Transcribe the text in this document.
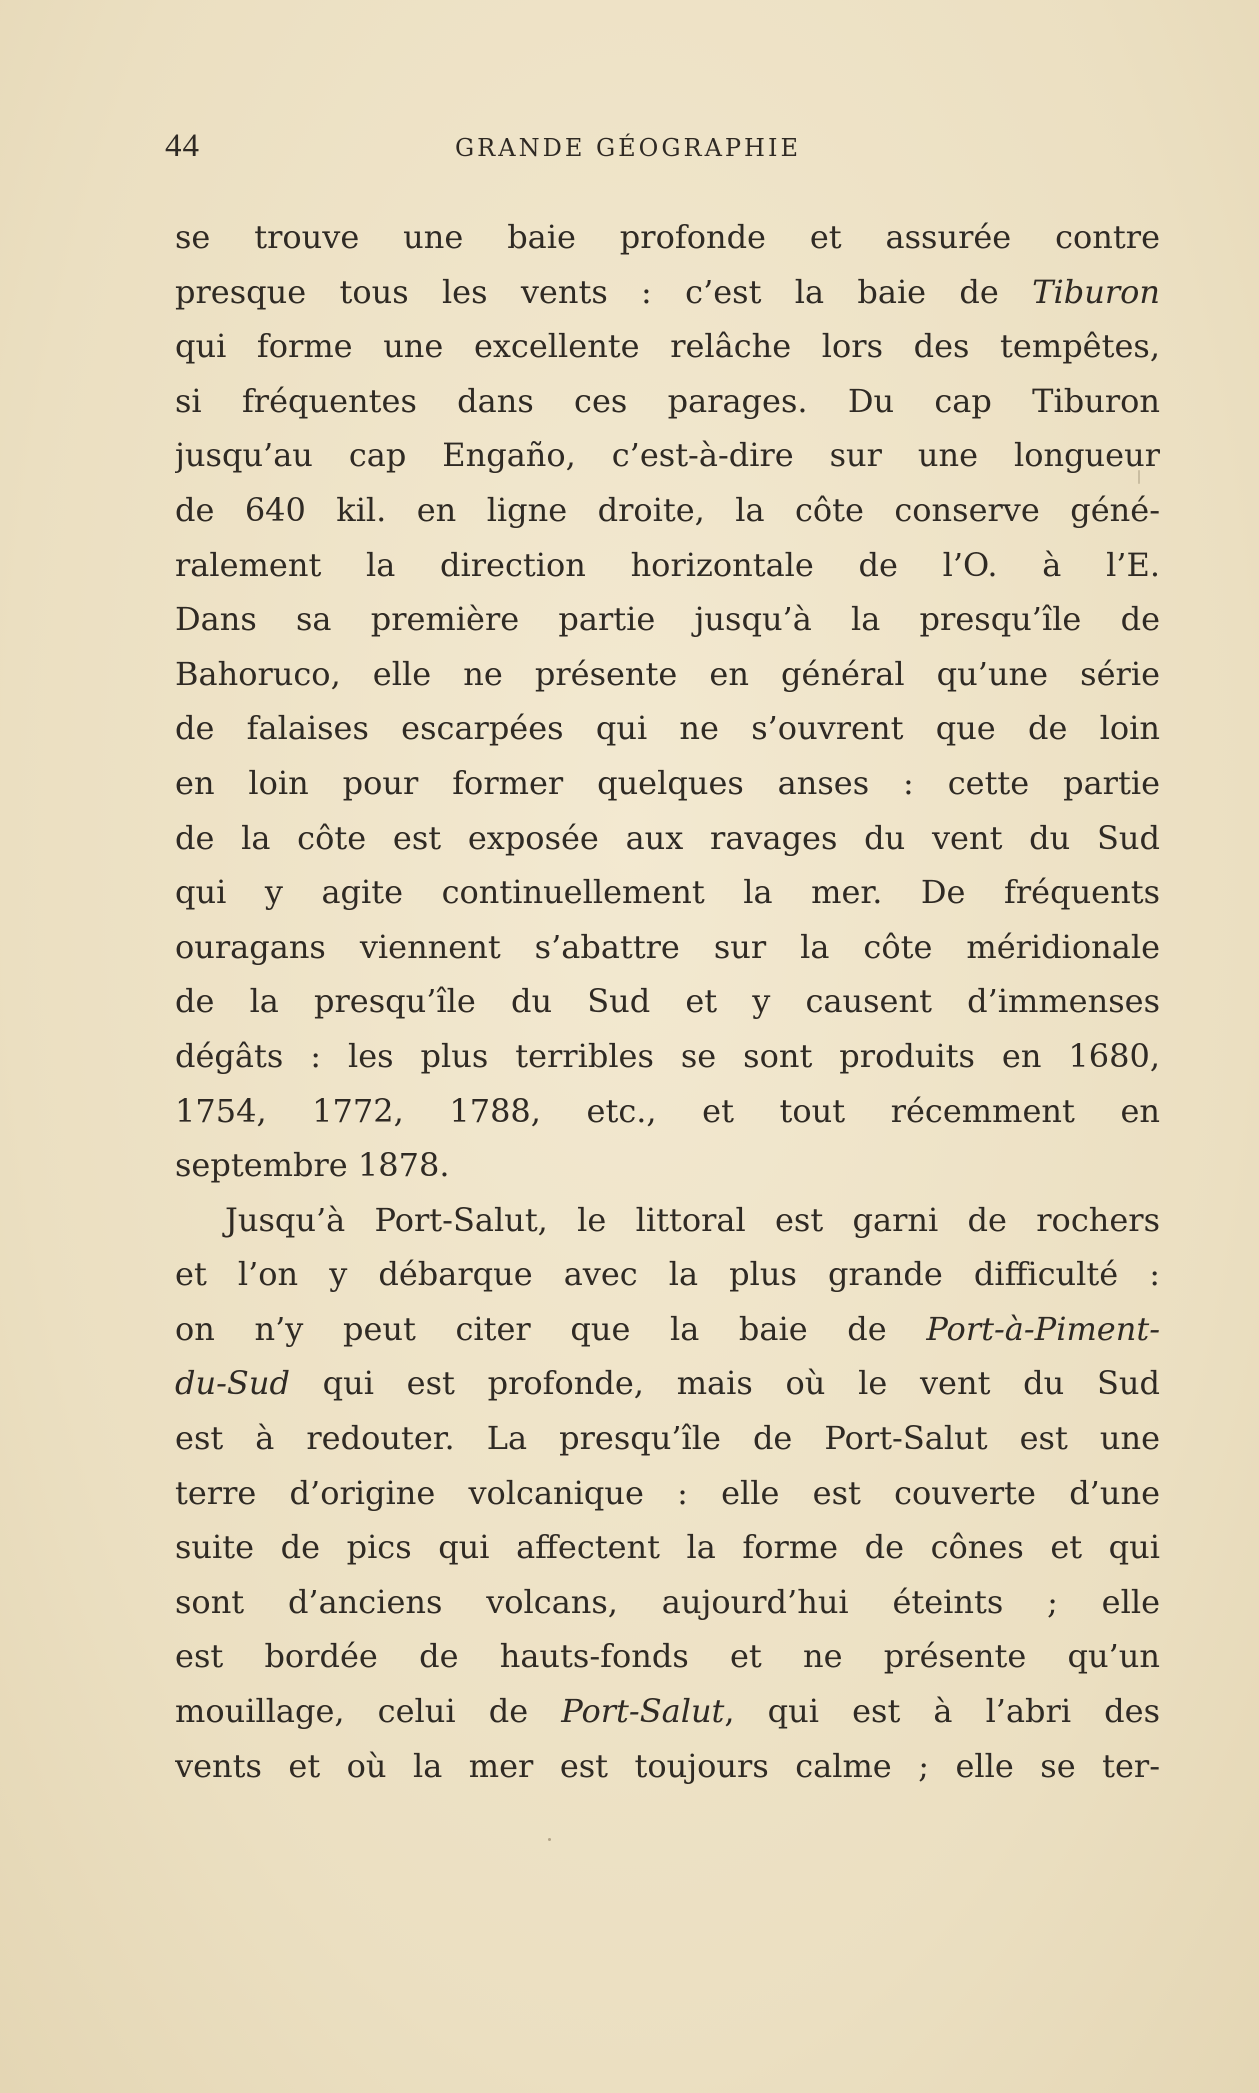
44	GRANDE GÉOGRAPHIE
se trouve une baie profonde et assurée contre
presque tous les vents : c’est la baie de Tiburon
qui forme une excellente relâche lors des tempêtes,
si fréquentes dans ces parages. Du cap Tiburon
jusqu’au cap Engaño, c’est-à-dire sur une longueur
de 640 kil. en ligne droite, la côte conserve géné-
ralement la direction horizontale de l’O. à l’E.
Dans sa première partie jusqu’à la presqu’île de
Bahoruco, elle ne présente en général qu’une série
de falaises escarpées qui ne s’ouvrent que de loin
en loin pour former quelques anses : cette partie
de la côte est exposée aux ravages du vent du Sud
qui y agite continuellement la mer. De fréquents
ouragans viennent s’abattre sur la côte méridionale
de la presqu’île du Sud et y causent d’immenses
dégâts : les plus terribles se sont produits en 1680,
1754, 1772, 1788, etc., et tout récemment en
septembre 1878.
Jusqu’à Port-Salut, le littoral est garni de rochers
et l’on y débarque avec la plus grande difficulté :
on n’y peut citer que la baie de Port-à-Piment-
du-Sud qui est profonde, mais où le vent du Sud
est à redouter. La presqu’île de Port-Salut est une
terre d’origine volcanique : elle est couverte d’une
suite de pics qui affectent la forme de cônes et qui
sont d’anciens volcans, aujourd’hui éteints ; elle
est bordée de hauts-fonds et ne présente qu’un
mouillage, celui de Port-Salut, qui est à l’abri des
vents et où la mer est toujours calme ; elle se ter-
